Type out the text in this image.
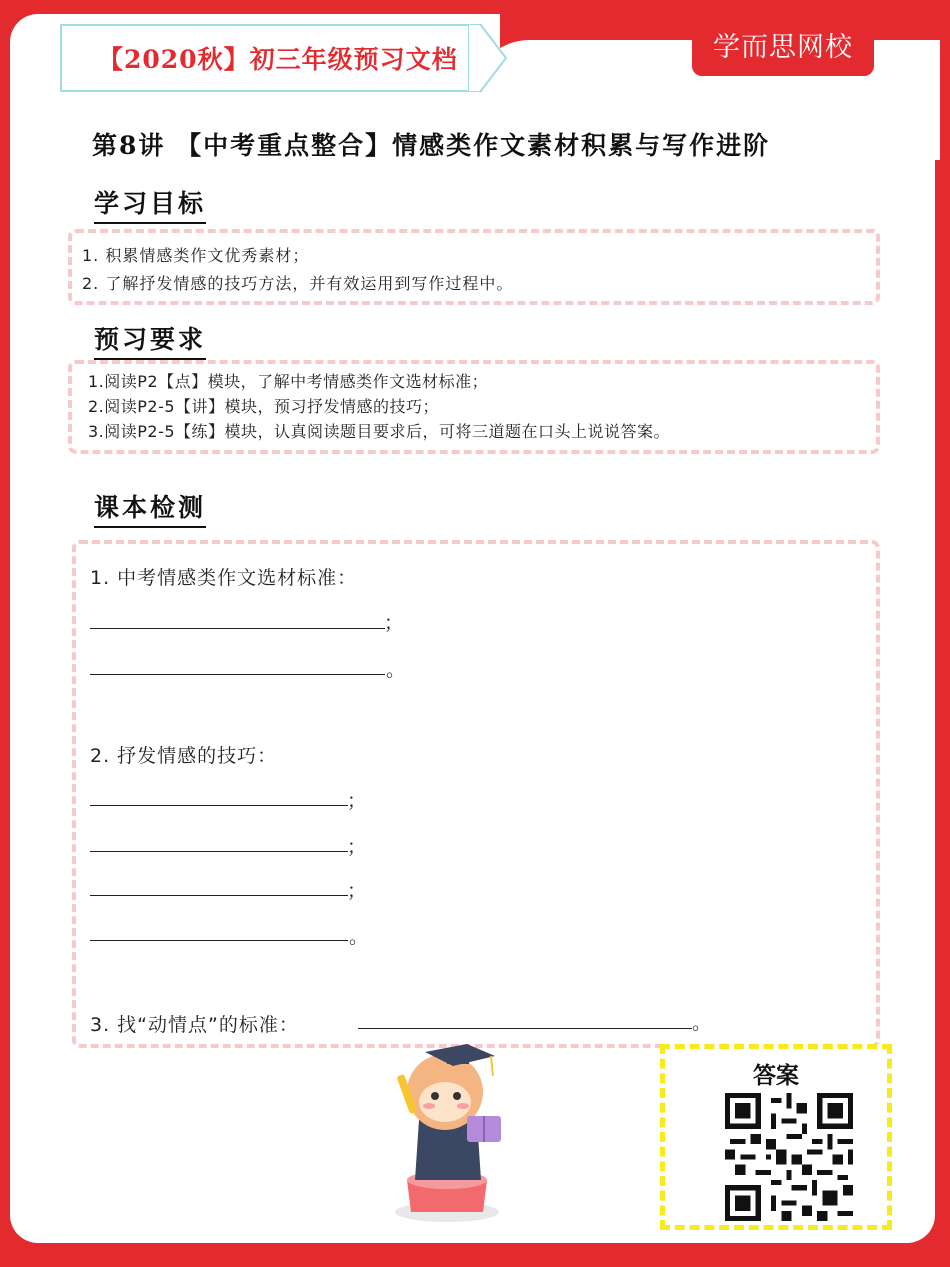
学而思网校
【2020秋】初三年级预习文档
第8讲 【中考重点整合】情感类作文素材积累与写作进阶
学习目标
1. 积累情感类作文优秀素材；
2. 了解抒发情感的技巧方法，并有效运用到写作过程中。
预习要求
1.阅读P2【点】模块，了解中考情感类作文选材标准；
2.阅读P2-5【讲】模块，预习抒发情感的技巧；
3.阅读P2-5【练】模块，认真阅读题目要求后，可将三道题在口头上说说答案。
课本检测
1. 中考情感类作文选材标准：
；
。
2. 抒发情感的技巧：
；
；
；
。
3. 找“动情点”的标准：	。
答案
